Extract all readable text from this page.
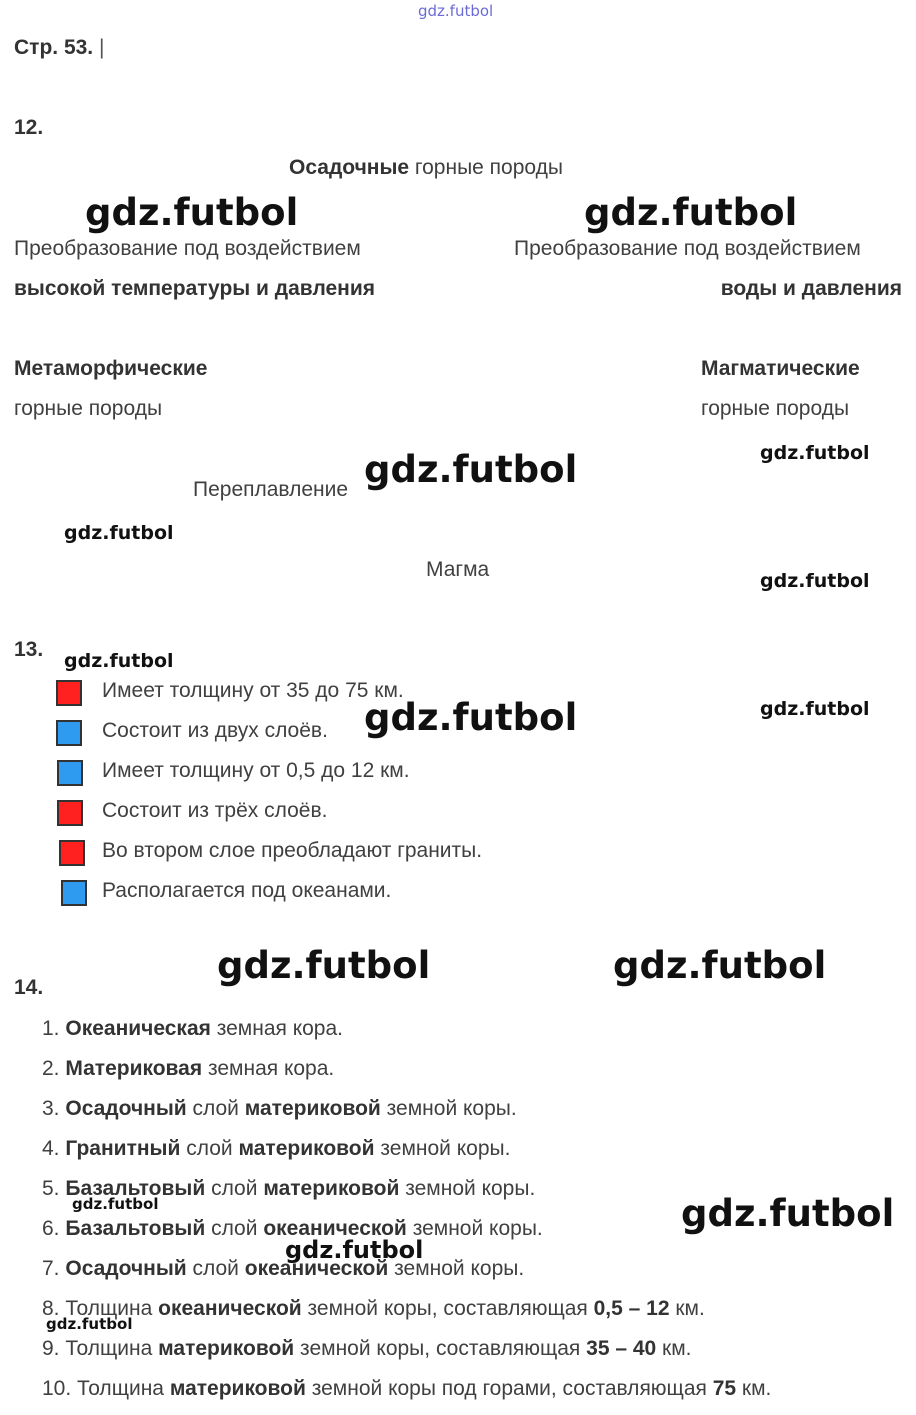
gdz.futbol
Стр. 53. |
12.
Осадочные горные породы
Преобразование под воздействием
высокой температуры и давления
Преобразование под воздействием
воды и давления
Метаморфические
горные породы
Магматические
горные породы
Переплавление
Магма
13.
Имеет толщину от 35 до 75 км.
Состоит из двух слоёв.
Имеет толщину от 0,5 до 12 км.
Состоит из трёх слоёв.
Во втором слое преобладают граниты.
Располагается под океанами.
14.
1. Океаническая земная кора.
2. Материковая земная кора.
3. Осадочный слой материковой земной коры.
4. Гранитный слой материковой земной коры.
5. Базальтовый слой материковой земной коры.
6. Базальтовый слой океанической земной коры.
7. Осадочный слой океанической земной коры.
8. Толщина океанической земной коры, составляющая 0,5 – 12 км.
9. Толщина материковой земной коры, составляющая 35 – 40 км.
10. Толщина материковой земной коры под горами, составляющая 75 км.
gdz.futbol	gdz.futbol
gdz.futbol	gdz.futbol
gdz.futbol
gdz.futbol
gdz.futbol
gdz.futbol	gdz.futbol
gdz.futbol	gdz.futbol
gdz.futbol	gdz.futbol
gdz.futbol
gdz.futbol
